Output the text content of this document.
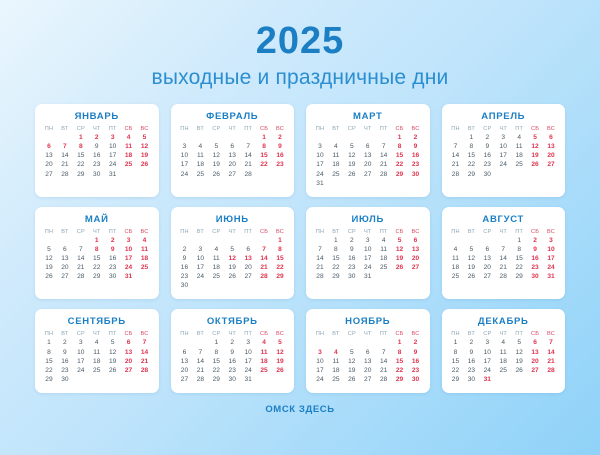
2025
выходные и праздничные дни
ЯНВАРЬ
ПН	ВТ	СР	ЧТ	ПТ	СБ	ВС
		1	2	3	4	5
6	7	8	9	10	11	12
13	14	15	16	17	18	19
20	21	22	23	24	25	26
27	28	29	30	31		
ФЕВРАЛЬ
ПН	ВТ	СР	ЧТ	ПТ	СБ	ВС
					1	2
3	4	5	6	7	8	9
10	11	12	13	14	15	16
17	18	19	20	21	22	23
24	25	26	27	28		
МАРТ
ПН	ВТ	СР	ЧТ	ПТ	СБ	ВС
					1	2
3	4	5	6	7	8	9
10	11	12	13	14	15	16
17	18	19	20	21	22	23
24	25	26	27	28	29	30
31						
АПРЕЛЬ
ПН	ВТ	СР	ЧТ	ПТ	СБ	ВС
	1	2	3	4	5	6
7	8	9	10	11	12	13
14	15	16	17	18	19	20
21	22	23	24	25	26	27
28	29	30				
МАЙ
ПН	ВТ	СР	ЧТ	ПТ	СБ	ВС
			1	2	3	4
5	6	7	8	9	10	11
12	13	14	15	16	17	18
19	20	21	22	23	24	25
26	27	28	29	30	31	
ИЮНЬ
ПН	ВТ	СР	ЧТ	ПТ	СБ	ВС
						1
2	3	4	5	6	7	8
9	10	11	12	13	14	15
16	17	18	19	20	21	22
23	24	25	26	27	28	29
30						
ИЮЛЬ
ПН	ВТ	СР	ЧТ	ПТ	СБ	ВС
	1	2	3	4	5	6
7	8	9	10	11	12	13
14	15	16	17	18	19	20
21	22	23	24	25	26	27
28	29	30	31			
АВГУСТ
ПН	ВТ	СР	ЧТ	ПТ	СБ	ВС
				1	2	3
4	5	6	7	8	9	10
11	12	13	14	15	16	17
18	19	20	21	22	23	24
25	26	27	28	29	30	31
СЕНТЯБРЬ
ПН	ВТ	СР	ЧТ	ПТ	СБ	ВС
1	2	3	4	5	6	7
8	9	10	11	12	13	14
15	16	17	18	19	20	21
22	23	24	25	26	27	28
29	30					
ОКТЯБРЬ
ПН	ВТ	СР	ЧТ	ПТ	СБ	ВС
		1	2	3	4	5
6	7	8	9	10	11	12
13	14	15	16	17	18	19
20	21	22	23	24	25	26
27	28	29	30	31		
НОЯБРЬ
ПН	ВТ	СР	ЧТ	ПТ	СБ	ВС
					1	2
3	4	5	6	7	8	9
10	11	12	13	14	15	16
17	18	19	20	21	22	23
24	25	26	27	28	29	30
ДЕКАБРЬ
ПН	ВТ	СР	ЧТ	ПТ	СБ	ВС
1	2	3	4	5	6	7
8	9	10	11	12	13	14
15	16	17	18	19	20	21
22	23	24	25	26	27	28
29	30	31				
ОМСК ЗДЕСЬ
